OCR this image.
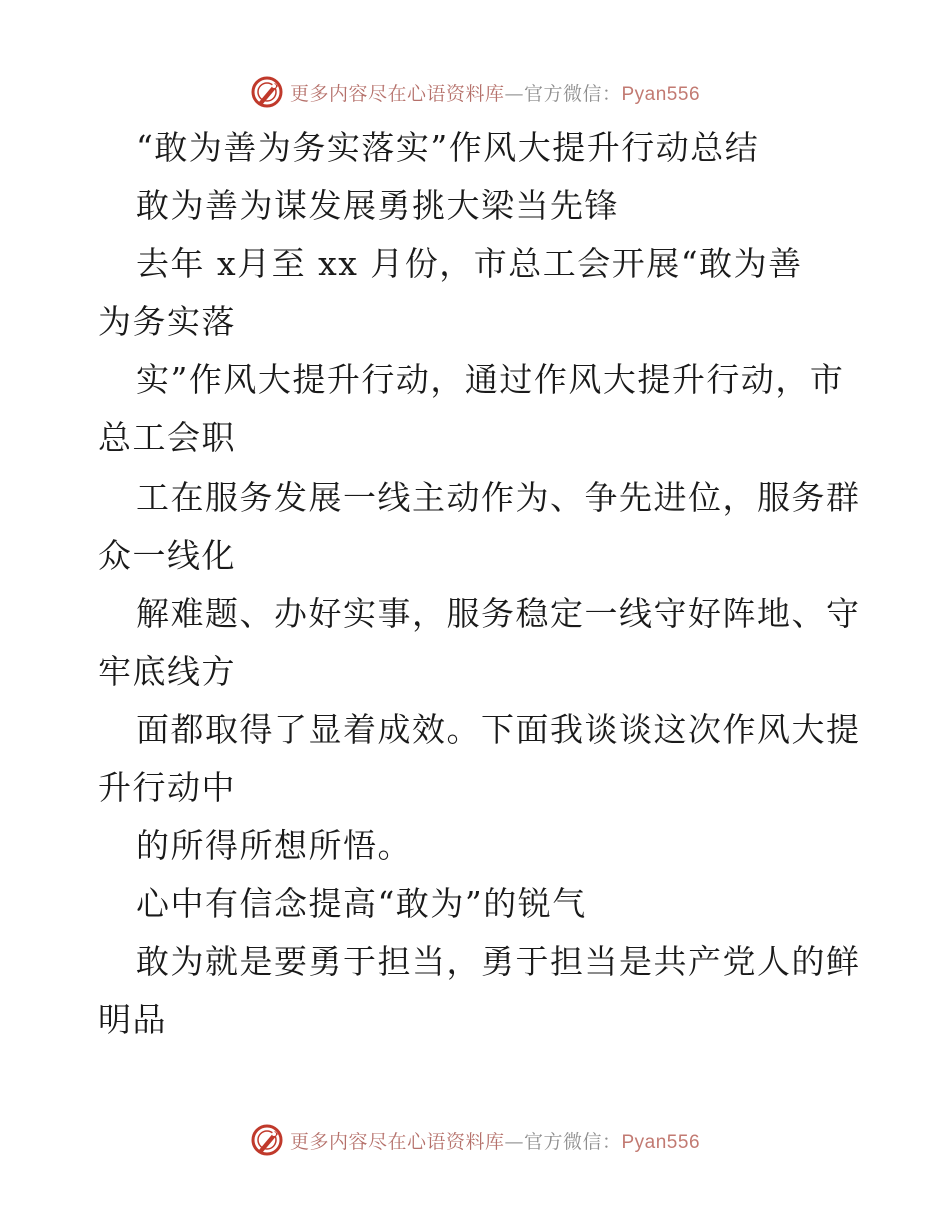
更多内容尽在心语资料库—官方微信：Pyan556
“敢为善为务实落实”作风大提升行动总结
敢为善为谋发展勇挑大梁当先锋
去年 x月至 xx 月份，市总工会开展“敢为善
为务实落
实”作风大提升行动，通过作风大提升行动，市
总工会职
工在服务发展一线主动作为、争先进位，服务群
众一线化
解难题、办好实事，服务稳定一线守好阵地、守
牢底线方
面都取得了显着成效。下面我谈谈这次作风大提
升行动中
的所得所想所悟。
心中有信念提高“敢为”的锐气
敢为就是要勇于担当，勇于担当是共产党人的鲜
明品
更多内容尽在心语资料库—官方微信：Pyan556
